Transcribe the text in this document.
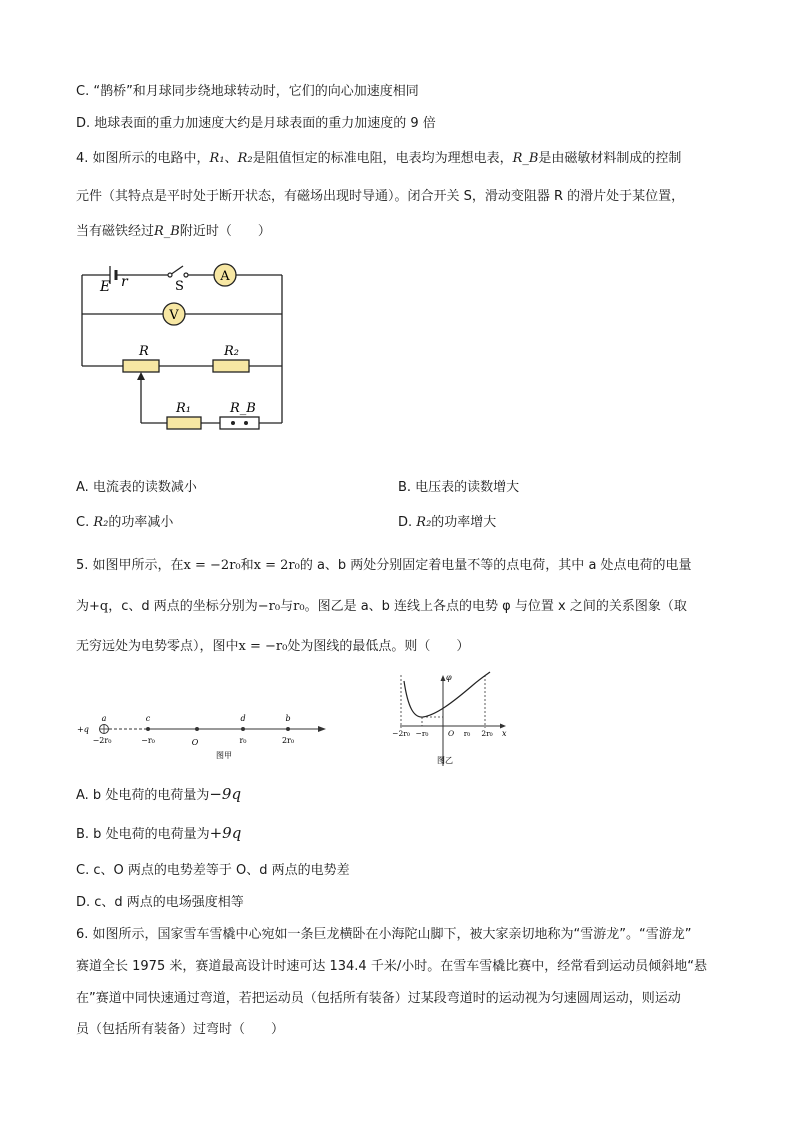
C. “鹊桥”和月球同步绕地球转动时，它们的向心加速度相同
D. 地球表面的重力加速度大约是月球表面的重力加速度的 9 倍
4. 如图所示的电路中，R₁、R₂是阻值恒定的标准电阻，电表均为理想电表，R_B是由磁敏材料制成的控制
元件（其特点是平时处于断开状态，有磁场出现时导通）。闭合开关 S，滑动变阻器 R 的滑片处于某位置，
当有磁铁经过R_B附近时（　　）
E r	S
A
V
R	R₂
R₁	R_B
A. 电流表的读数减小	B. 电压表的读数增大
C. R₂的功率减小	D. R₂的功率增大
5. 如图甲所示，在x = −2r₀和x = 2r₀的 a、b 两处分别固定着电量不等的点电荷，其中 a 处点电荷的电量
为+q，c、d 两点的坐标分别为−r₀与r₀。图乙是 a、b 连线上各点的电势 φ 与位置 x 之间的关系图象（取
无穷远处为电势零点），图中x = −r₀处为图线的最低点。则（　　）
+q
a	c	d	b
−2r₀	−r₀	O	r₀	2r₀
图甲
φ
x
−2r₀ −r₀	O r₀ 2r₀
图乙
A. b 处电荷的电荷量为−9q
B. b 处电荷的电荷量为+9q
C. c、O 两点的电势差等于 O、d 两点的电势差
D. c、d 两点的电场强度相等
6. 如图所示，国家雪车雪橇中心宛如一条巨龙横卧在小海陀山脚下，被大家亲切地称为“雪游龙”。“雪游龙”
赛道全长 1975 米，赛道最高设计时速可达 134.4 千米/小时。在雪车雪橇比赛中，经常看到运动员倾斜地“悬
在”赛道中同快速通过弯道，若把运动员（包括所有装备）过某段弯道时的运动视为匀速圆周运动，则运动
员（包括所有装备）过弯时（　　）
